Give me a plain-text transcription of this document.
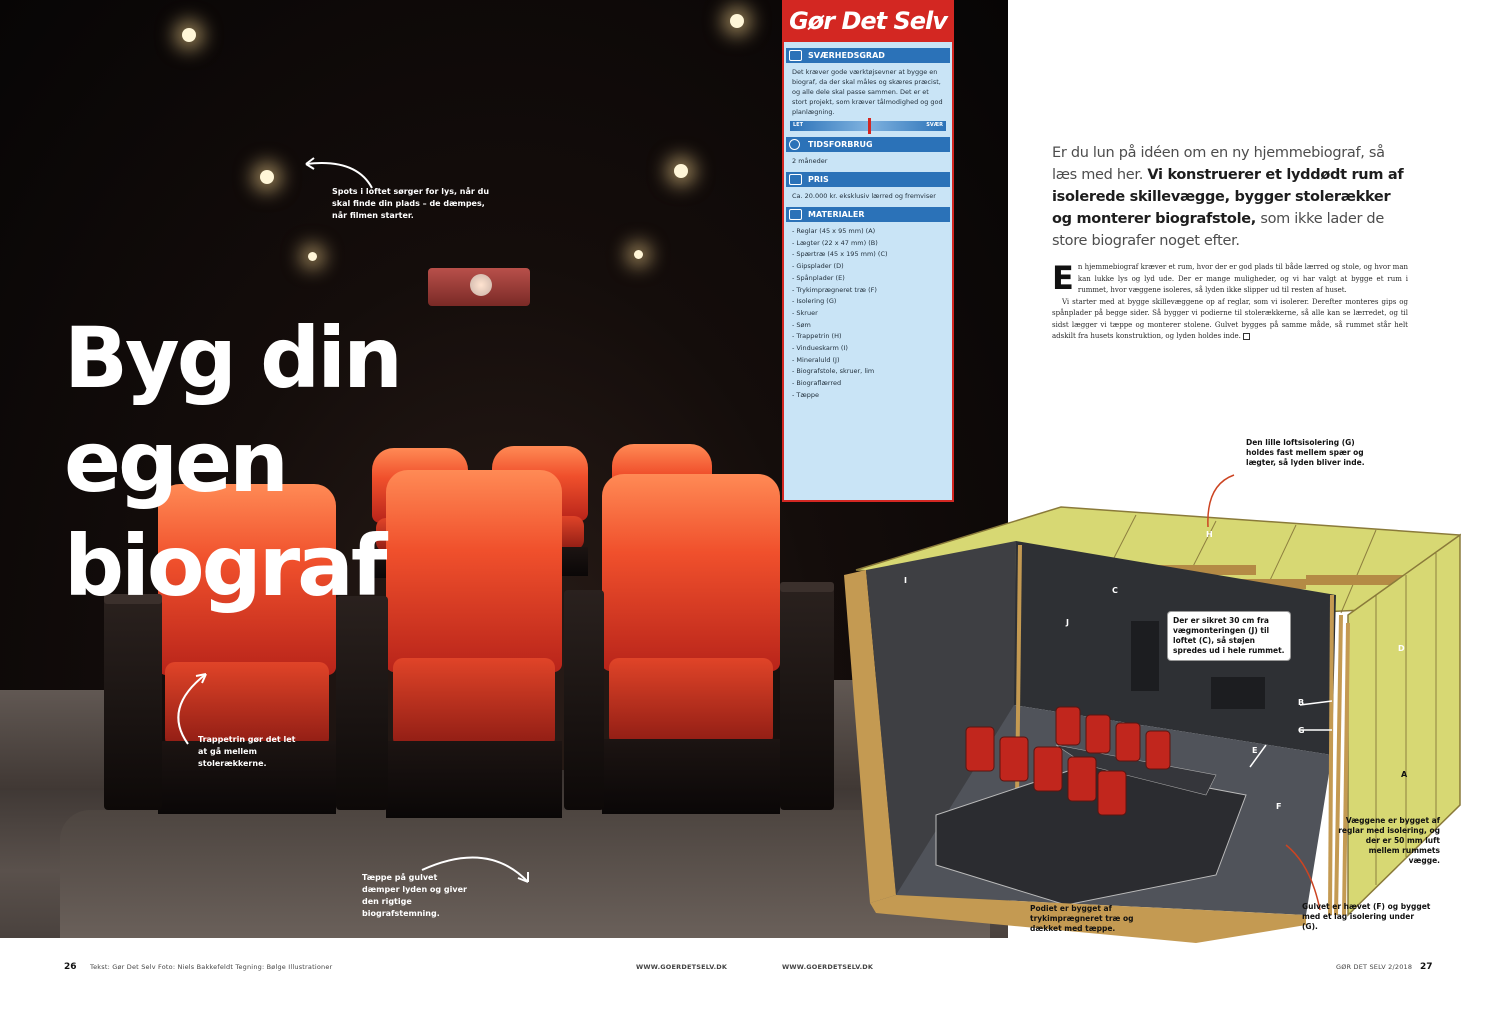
Byg din egen
biograf
Spots i loftet sørger for lys, når du skal finde din plads – de dæmpes, når filmen starter.
Trappetrin gør det let at gå mellem stolerækkerne.
Tæppe på gulvet dæmper lyden og giver den rigtige biografstemning.
Gør Det Selv
SVÆRHEDSGRAD
Det kræver gode værktøjsevner at bygge en biograf, da der skal måles og skæres præcist, og alle dele skal passe sammen. Det er et stort projekt, som kræver tålmodighed og god planlægning.
LET	SVÆR
TIDSFORBRUG
2 måneder
PRIS
Ca. 20.000 kr. eksklusiv lærred og fremviser
MATERIALER
- Reglar (45 x 95 mm) (A)
- Lægter (22 x 47 mm) (B)
- Spærtræ (45 x 195 mm) (C)
- Gipsplader (D)
- Spånplader (E)
- Trykimprægneret træ (F)
- Isolering (G)
- Skruer
- Søm
- Trappetrin (H)
- Vindueskarm (I)
- Mineraluld (J)
- Biografstole, skruer, lim
- Biograflærred
- Tæppe
Er du lun på idéen om en ny hjemmebiograf, så læs med her. Vi konstruerer et lyddødt rum af isolerede skillevægge, bygger stolerækker og monterer biografstole, som ikke lader de store biografer noget efter.
En hjemmebiograf kræver et rum, hvor der er god plads til både lærred og stole, og hvor man kan lukke lys og lyd ude. Der er mange muligheder, og vi har valgt at bygge et rum i rummet, hvor væggene isoleres, så lyden ikke slipper ud til resten af huset.
Vi starter med at bygge skillevæggene op af reglar, som vi isolerer. Derefter monteres gips og spånplader på begge sider. Så bygger vi podierne til stolerækkerne, så alle kan se lærredet, og til sidst lægger vi tæppe og monterer stolene. Gulvet bygges på samme måde, så rummet står helt adskilt fra husets konstruktion, og lyden holdes inde.
A
B
C
D
E
F
G
H
I
J
Den lille loftsisolering (G) holdes fast mellem spær og lægter, så lyden bliver inde.
Der er sikret 30 cm fra vægmonteringen (J) til loftet (C), så støjen spredes ud i hele rummet.
Væggene er bygget af reglar med isolering, og der er 50 mm luft mellem rummets vægge.
Gulvet er hævet (F) og bygget med et lag isolering under (G).
Podiet er bygget af trykimprægneret træ og dækket med tæppe.
26 Tekst: Gør Det Selv Foto: Niels Bakkefeldt Tegning: Bølge Illustrationer	WWW.GOERDETSELV.DK	WWW.GOERDETSELV.DK	GØR DET SELV 2/2018 27
